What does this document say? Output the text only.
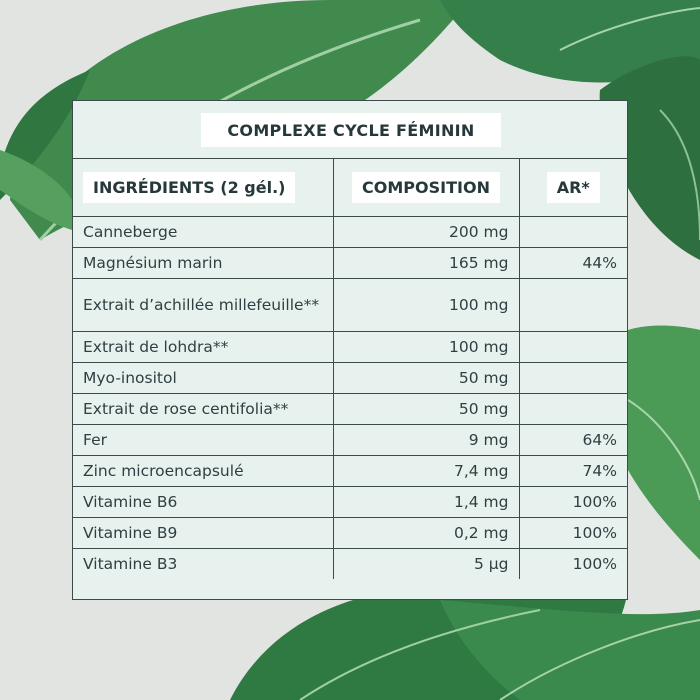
COMPLEXE CYCLE FÉMININ
INGRÉDIENTS (2 gél.)	COMPOSITION	AR*
Canneberge	200 mg	
Magnésium marin	165 mg	44%
Extrait d’achillée millefeuille**	100 mg	
Extrait de lohdra**	100 mg	
Myo-inositol	50 mg	
Extrait de rose centifolia**	50 mg	
Fer	9 mg	64%
Zinc microencapsulé	7,4 mg	74%
Vitamine B6	1,4 mg	100%
Vitamine B9	0,2 mg	100%
Vitamine B3	5 µg	100%
